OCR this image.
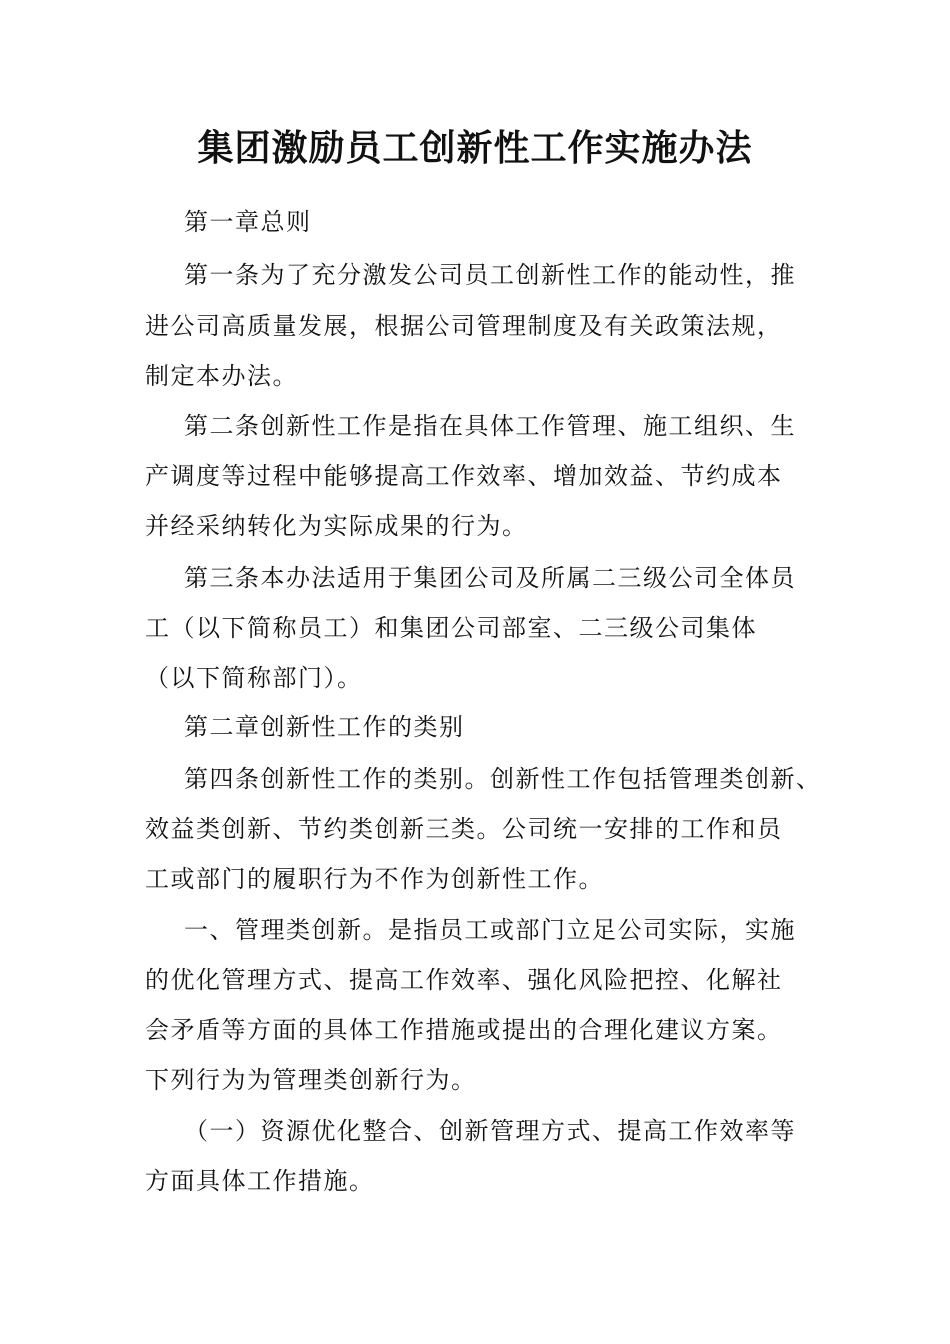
集团激励员工创新性工作实施办法

第一章总则

第一条为了充分激发公司员工创新性工作的能动性，推

进公司高质量发展，根据公司管理制度及有关政策法规，

制定本办法。

第二条创新性工作是指在具体工作管理、施工组织、生

产调度等过程中能够提高工作效率、增加效益、节约成本

并经采纳转化为实际成果的行为。

第三条本办法适用于集团公司及所属二三级公司全体员

工（以下简称员工）和集团公司部室、二三级公司集体

（以下简称部门）。

第二章创新性工作的类别

第四条创新性工作的类别。创新性工作包括管理类创新、

效益类创新、节约类创新三类。公司统一安排的工作和员

工或部门的履职行为不作为创新性工作。

一、管理类创新。是指员工或部门立足公司实际，实施

的优化管理方式、提高工作效率、强化风险把控、化解社

会矛盾等方面的具体工作措施或提出的合理化建议方案。

下列行为为管理类创新行为。

（一）资源优化整合、创新管理方式、提高工作效率等

方面具体工作措施。
